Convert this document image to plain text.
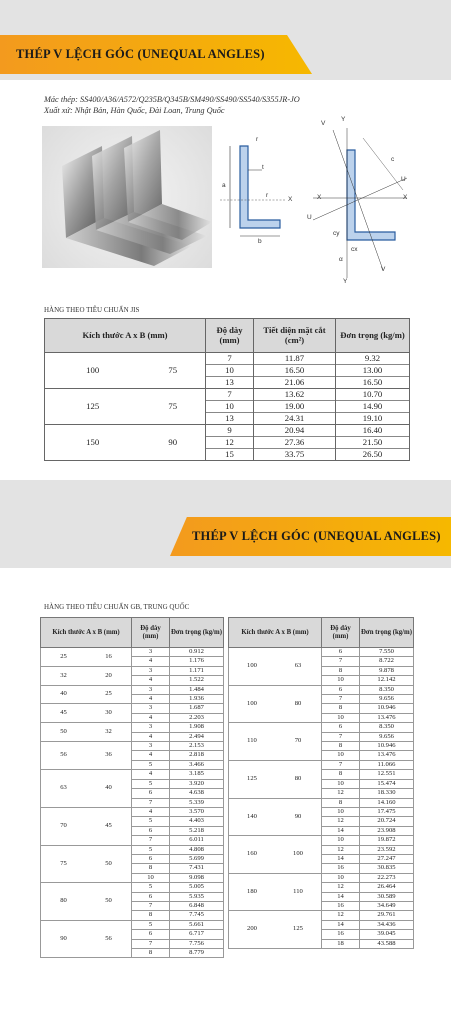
THÉP V LỆCH GÓC (UNEQUAL ANGLES)
Mác thép: SS400/A36/A572/Q235B/Q345B/SM490/SS490/SS540/S355JR-JO
Xuất xứ: Nhật Bản, Hàn Quốc, Đài Loan, Trung Quốc
r
t
a
r
X
b
V
Y
c
U
X
U
X
cy
cx
α
V
Y
HÀNG THEO TIÊU CHUẨN JIS
Kích thước A x B (mm)		Độ dày (mm)	Tiết diện mặt cắt
(cm²)	Đơn trọng (kg/m)
100	75	7	11.87	9.32
		10	16.50	13.00
		13	21.06	16.50
125	75	7	13.62	10.70
		10	19.00	14.90
		13	24.31	19.10
150	90	9	20.94	16.40
		12	27.36	21.50
		15	33.75	26.50
THÉP V LỆCH GÓC (UNEQUAL ANGLES)
HÀNG THEO TIÊU CHUẨN GB, TRUNG QUỐC
Kích thước A x B (mm)		Độ dày (mm)	Đơn trọng (kg/m)
25	16	3	0.912
		4	1.176
32	20	3	1.171
		4	1.522
40	25	3	1.484
		4	1.936
45	30	3	1.687
		4	2.203
50	32	3	1.908
		4	2.494
56	36	3	2.153
		4	2.818
		5	3.466
63	40	4	3.185
		5	3.920
		6	4.638
		7	5.339
70	45	4	3.570
		5	4.403
		6	5.218
		7	6.011
75	50	5	4.808
		6	5.699
		8	7.431
		10	9.098
80	50	5	5.005
		6	5.935
		7	6.848
		8	7.745
90	56	5	5.661
		6	6.717
		7	7.756
		8	8.779
Kích thước A x B (mm)		Độ dày (mm)	Đơn trọng (kg/m)
100	63	6	7.550
		7	8.722
		8	9.878
		10	12.142
100	80	6	8.350
		7	9.656
		8	10.946
		10	13.476
110	70	6	8.350
		7	9.656
		8	10.946
		10	13.476
125	80	7	11.066
		8	12.551
		10	15.474
		12	18.330
140	90	8	14.160
		10	17.475
		12	20.724
		14	23.908
160	100	10	19.872
		12	23.592
		14	27.247
		16	30.835
180	110	10	22.273
		12	26.464
		14	30.589
		16	34.649
200	125	12	29.761
		14	34.436
		16	39.045
		18	43.588
